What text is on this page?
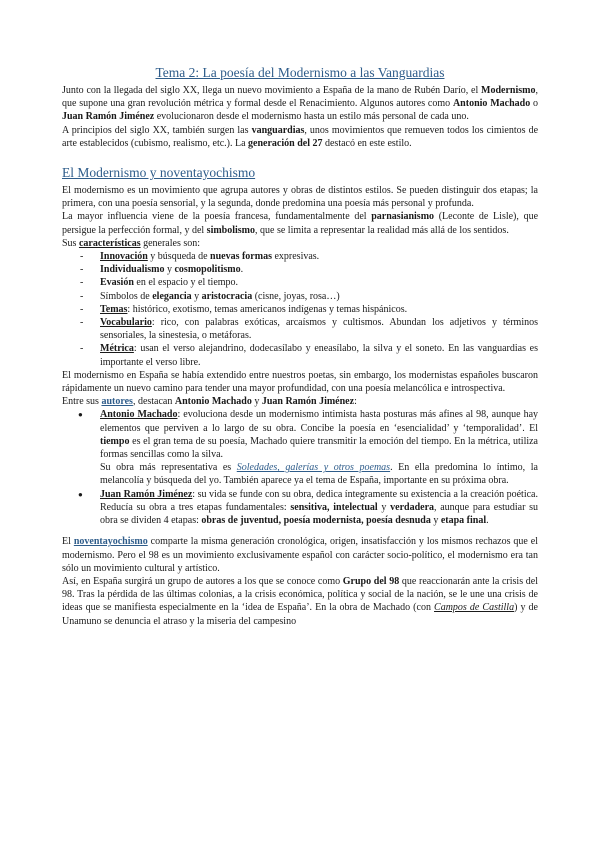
Tema 2: La poesía del Modernismo a las Vanguardias

Junto con la llegada del siglo XX, llega un nuevo movimiento a España de la mano de Rubén Darío, el Modernismo, que supone una gran revolución métrica y formal desde el Renacimiento. Algunos autores como Antonio Machado o Juan Ramón Jiménez evolucionaron desde el modernismo hasta un estilo más personal de cada uno.

A principios del siglo XX, también surgen las vanguardias, unos movimientos que remueven todos los cimientos de arte establecidos (cubismo, realismo, etc.). La generación del 27 destacó en este estilo.

El Modernismo y noventayochismo

El modernismo es un movimiento que agrupa autores y obras de distintos estilos. Se pueden distinguir dos etapas; la primera, con una poesía sensorial, y la segunda, donde predomina una poesía más personal y profunda.

La mayor influencia viene de la poesía francesa, fundamentalmente del parnasianismo (Leconte de Lisle), que persigue la perfección formal, y del simbolismo, que se limita a representar la realidad más allá de los sentidos.

Sus características generales son:

- Innovación y búsqueda de nuevas formas expresivas.
- Individualismo y cosmopolitismo.
- Evasión en el espacio y el tiempo.
- Símbolos de elegancia y aristocracia (cisne, joyas, rosa…)
- Temas: histórico, exotismo, temas americanos indígenas y temas hispánicos.
- Vocabulario: rico, con palabras exóticas, arcaísmos y cultismos. Abundan los adjetivos y términos sensoriales, la sinestesia, o metáforas.
- Métrica: usan el verso alejandrino, dodecasílabo y eneasílabo, la silva y el soneto. En las vanguardias es importante el verso libre.

El modernismo en España se había extendido entre nuestros poetas, sin embargo, los modernistas españoles buscaron rápidamente un nuevo camino para tender una mayor profundidad, con una poesía melancólica e introspectiva.

Entre sus autores, destacan Antonio Machado y Juan Ramón Jiménez:

● Antonio Machado: evoluciona desde un modernismo intimista hasta posturas más afines al 98, aunque hay elementos que perviven a lo largo de su obra. Concibe la poesía en ‘esencialidad’ y ‘temporalidad’. El tiempo es el gran tema de su poesía, Machado quiere transmitir la emoción del tiempo. En la métrica, utiliza formas sencillas como la silva.

Su obra más representativa es Soledades, galerías y otros poemas. En ella predomina lo íntimo, la melancolía y búsqueda del yo. También aparece ya el tema de España, importante en su próxima obra.

● Juan Ramón Jiménez: su vida se funde con su obra, dedica íntegramente su existencia a la creación poética. Reducía su obra a tres etapas fundamentales: sensitiva, intelectual y verdadera, aunque para estudiar su obra se dividen 4 etapas: obras de juventud, poesía modernista, poesía desnuda y etapa final.

El noventayochismo comparte la misma generación cronológica, origen, insatisfacción y los mismos rechazos que el modernismo. Pero el 98 es un movimiento exclusivamente español con carácter socio-político, el modernismo era tan sólo un movimiento cultural y artístico.

Así, en España surgirá un grupo de autores a los que se conoce como Grupo del 98 que reaccionarán ante la crisis del 98. Tras la pérdida de las últimas colonias, a la crisis económica, política y social de la nación, se le une una crisis de ideas que se manifiesta especialmente en la ‘idea de España’. En la obra de Machado (con Campos de Castilla) y de Unamuno se denuncia el atraso y la miseria del campesino
